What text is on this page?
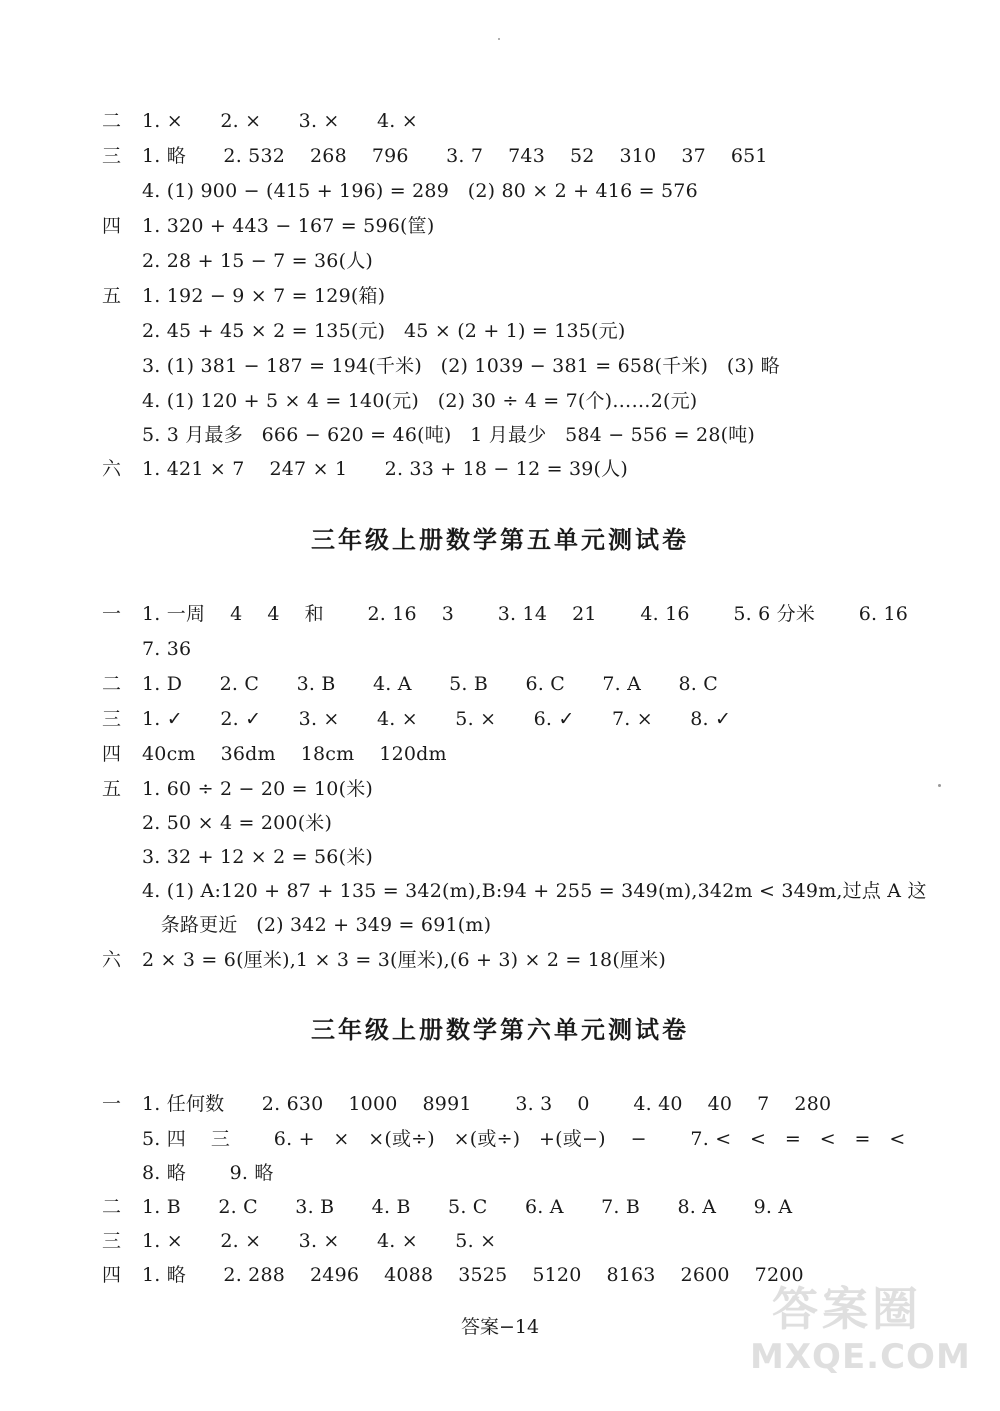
二	1. ×      2. ×      3. ×      4. ×
三	1. 略      2. 532    268    796      3. 7    743    52    310    37    651
4. (1) 900 − (415 + 196) = 289   (2) 80 × 2 + 416 = 576
四	1. 320 + 443 − 167 = 596(筐)
2. 28 + 15 − 7 = 36(人)
五	1. 192 − 9 × 7 = 129(箱)
2. 45 + 45 × 2 = 135(元)   45 × (2 + 1) = 135(元)
3. (1) 381 − 187 = 194(千米)   (2) 1039 − 381 = 658(千米)   (3) 略
4. (1) 120 + 5 × 4 = 140(元)   (2) 30 ÷ 4 = 7(个)……2(元)
5. 3 月最多   666 − 620 = 46(吨)   1 月最少   584 − 556 = 28(吨)
六	1. 421 × 7    247 × 1      2. 33 + 18 − 12 = 39(人)
三年级上册数学第五单元测试卷
一	1. 一周    4    4    和       2. 16    3       3. 14    21       4. 16       5. 6 分米       6. 16
7. 36
二	1. D      2. C      3. B      4. A      5. B      6. C      7. A      8. C
三	1. ✓      2. ✓      3. ×      4. ×      5. ×      6. ✓      7. ×      8. ✓
四	40cm    36dm    18cm    120dm
五	1. 60 ÷ 2 − 20 = 10(米)
2. 50 × 4 = 200(米)
3. 32 + 12 × 2 = 56(米)
4. (1) A:120 + 87 + 135 = 342(m),B:94 + 255 = 349(m),342m < 349m,过点 A 这
条路更近   (2) 342 + 349 = 691(m)
六	2 × 3 = 6(厘米),1 × 3 = 3(厘米),(6 + 3) × 2 = 18(厘米)
三年级上册数学第六单元测试卷
一	1. 任何数      2. 630    1000    8991       3. 3    0       4. 40    40    7    280
5. 四    三       6. +   ×   ×(或÷)   ×(或÷)   +(或−)    −       7. <   <   =   <   =   <
8. 略       9. 略
二	1. B      2. C      3. B      4. B      5. C      6. A      7. B      8. A      9. A
三	1. ×      2. ×      3. ×      4. ×      5. ×
四	1. 略      2. 288    2496    4088    3525    5120    8163    2600    7200
答案−14	答案圈
MXQE.COM
